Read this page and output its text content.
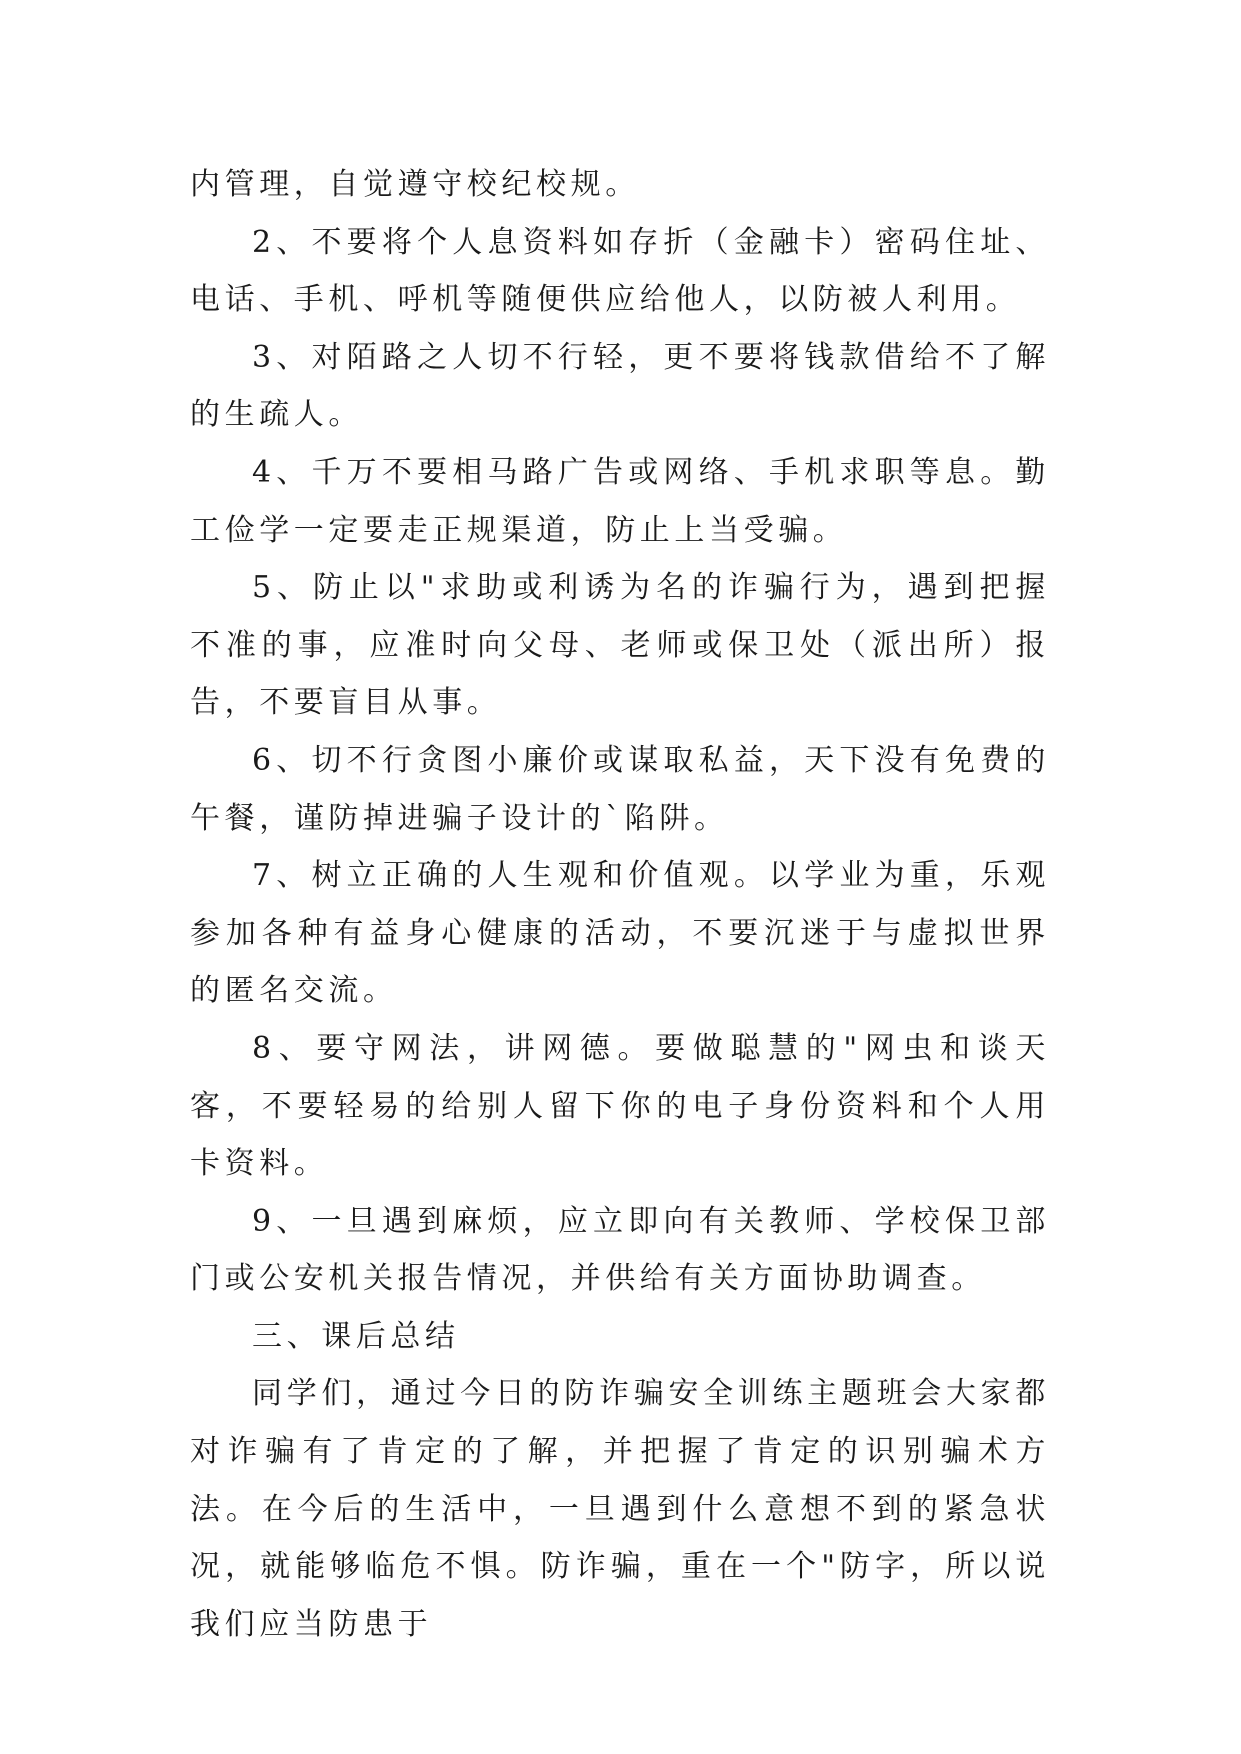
内管理，自觉遵守校纪校规。

2、不要将个人息资料如存折（金融卡）密码住址、电话、手机、呼机等随便供应给他人，以防被人利用。

3、对陌路之人切不行轻，更不要将钱款借给不了解的生疏人。

4、千万不要相马路广告或网络、手机求职等息。勤工俭学一定要走正规渠道，防止上当受骗。

5、防止以"求助或利诱为名的诈骗行为，遇到把握不准的事，应准时向父母、老师或保卫处（派出所）报告，不要盲目从事。

6、切不行贪图小廉价或谋取私益，天下没有免费的午餐，谨防掉进骗子设计的`陷阱。

7、树立正确的人生观和价值观。以学业为重，乐观参加各种有益身心健康的活动，不要沉迷于与虚拟世界的匿名交流。

8、要守网法，讲网德。要做聪慧的"网虫和谈天客，不要轻易的给别人留下你的电子身份资料和个人用卡资料。

9、一旦遇到麻烦，应立即向有关教师、学校保卫部门或公安机关报告情况，并供给有关方面协助调查。

三、课后总结

同学们，通过今日的防诈骗安全训练主题班会大家都对诈骗有了肯定的了解，并把握了肯定的识别骗术方法。在今后的生活中，一旦遇到什么意想不到的紧急状况，就能够临危不惧。防诈骗，重在一个"防字，所以说我们应当防患于
